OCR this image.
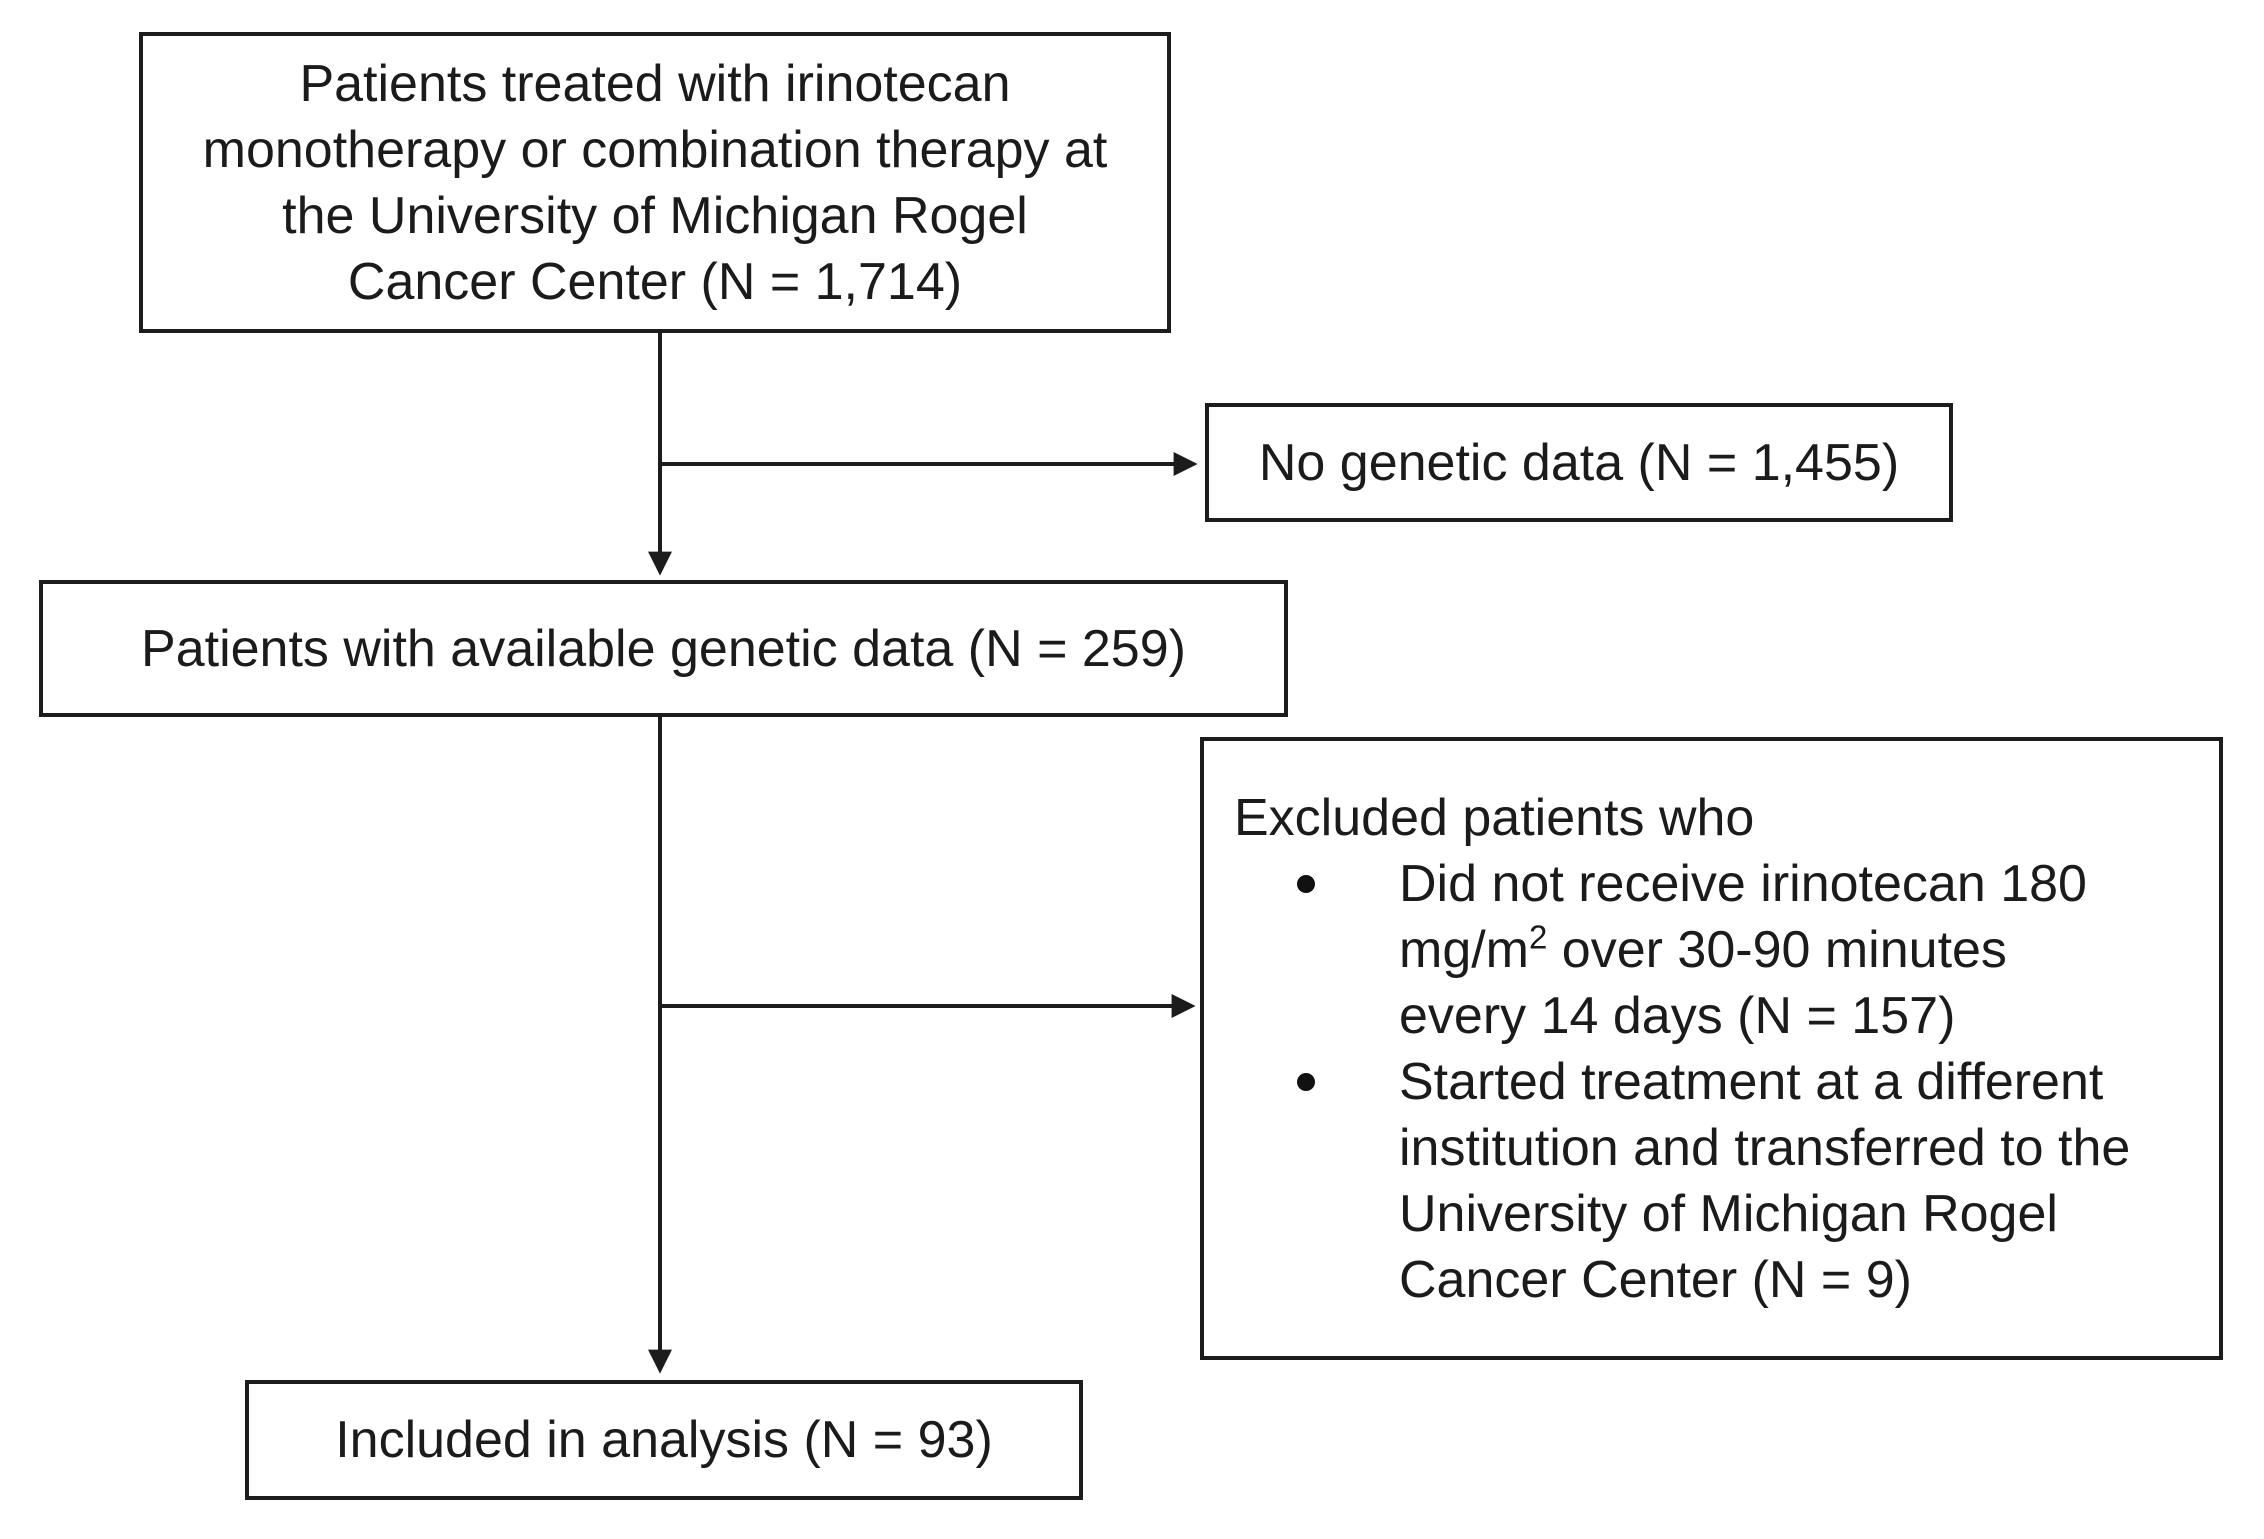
Patients treated with irinotecan
monotherapy or combination therapy at
the University of Michigan Rogel
Cancer Center (N = 1,714)
No genetic data (N = 1,455)
Patients with available genetic data (N = 259)
Excluded patients who
Did not receive irinotecan 180
$mg/m^2$ over 30-90 minutes
every 14 days (N = 157)
Started treatment at a different
institution and transferred to the
University of Michigan Rogel
Cancer Center (N = 9)
Included in analysis (N = 93)
